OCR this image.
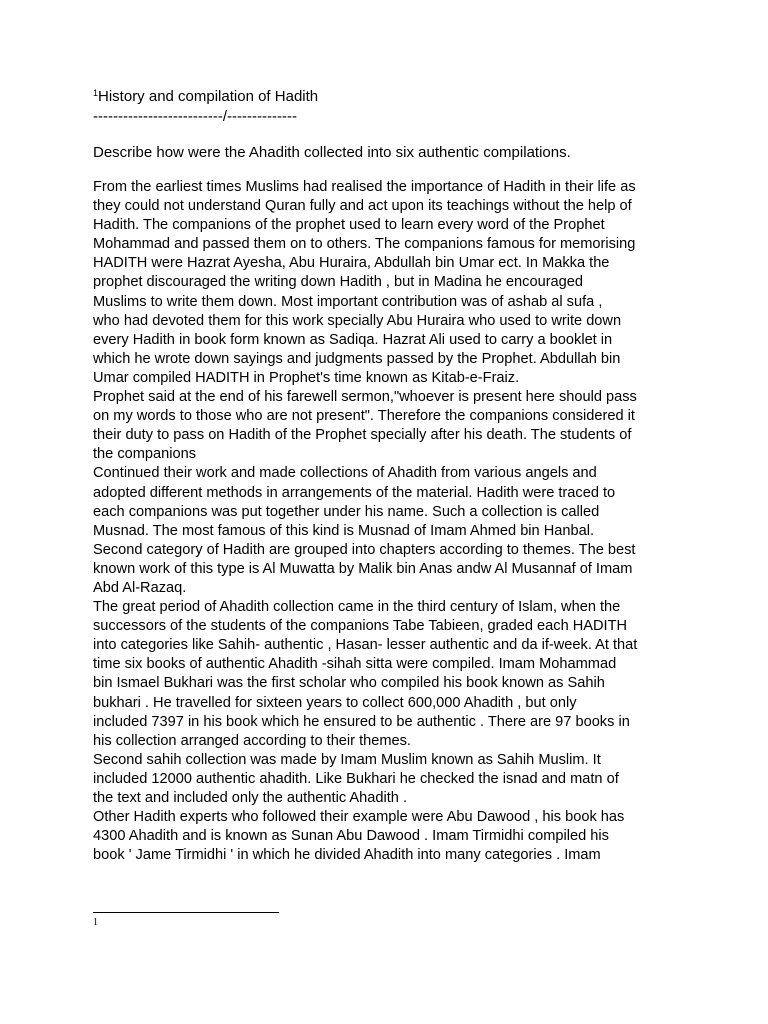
$^1$History and compilation of Hadith
--------------------------/--------------
Describe how were the Ahadith collected into six authentic compilations.
From the earliest times Muslims had realised the importance of Hadith in their life as
they could not understand Quran fully and act upon its teachings without the help of
Hadith. The companions of the prophet used to learn every word of the Prophet
Mohammad and passed them on to others. The companions famous for memorising
HADITH were Hazrat Ayesha, Abu Huraira, Abdullah bin Umar ect. In Makka the
prophet discouraged the writing down Hadith , but in Madina he encouraged
Muslims to write them down. Most important contribution was of ashab al sufa ,
who had devoted them for this work specially Abu Huraira who used to write down
every Hadith in book form known as Sadiqa. Hazrat Ali used to carry a booklet in
which he wrote down sayings and judgments passed by the Prophet. Abdullah bin
Umar compiled HADITH in Prophet's time known as Kitab-e-Fraiz.
Prophet said at the end of his farewell sermon,"whoever is present here should pass
on my words to those who are not present". Therefore the companions considered it
their duty to pass on Hadith of the Prophet specially after his death. The students of
the companions
Continued their work and made collections of Ahadith from various angels and
adopted different methods in arrangements of the material. Hadith were traced to
each companions was put together under his name. Such a collection is called
Musnad. The most famous of this kind is Musnad of Imam Ahmed bin Hanbal.
Second category of Hadith are grouped into chapters according to themes. The best
known work of this type is Al Muwatta by Malik bin Anas andw Al Musannaf of Imam
Abd Al-Razaq.
The great period of Ahadith collection came in the third century of Islam, when the
successors of the students of the companions Tabe Tabieen, graded each HADITH
into categories like Sahih- authentic , Hasan- lesser authentic and da if-week. At that
time six books of authentic Ahadith -sihah sitta were compiled. Imam Mohammad
bin Ismael Bukhari was the first scholar who compiled his book known as Sahih
bukhari . He travelled for sixteen years to collect 600,000 Ahadith , but only
included 7397 in his book which he ensured to be authentic . There are 97 books in
his collection arranged according to their themes.
Second sahih collection was made by Imam Muslim known as Sahih Muslim. It
included 12000 authentic ahadith. Like Bukhari he checked the isnad and matn of
the text and included only the authentic Ahadith .
Other Hadith experts who followed their example were Abu Dawood , his book has
4300 Ahadith and is known as Sunan Abu Dawood . Imam Tirmidhi compiled his
book ' Jame Tirmidhi ' in which he divided Ahadith into many categories . Imam
1
